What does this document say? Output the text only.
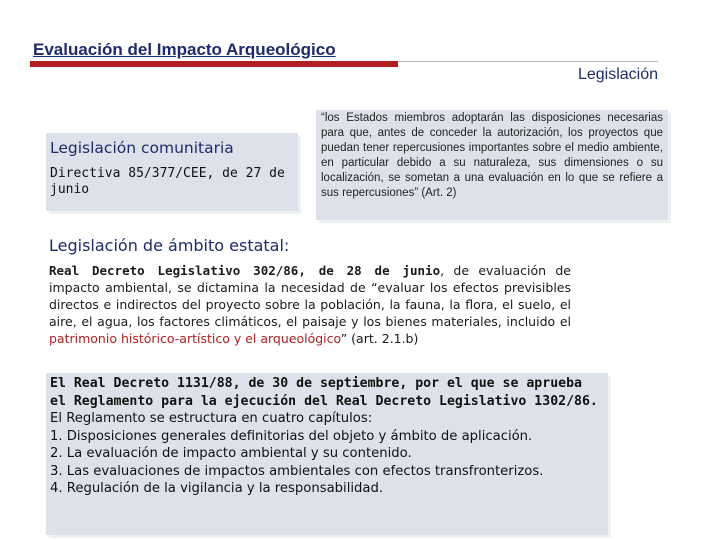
Evaluación del Impacto Arqueológico
Legislación
Legislación comunitaria
Directiva 85/377/CEE, de 27 de junio
“los Estados miembros adoptarán las disposiciones necesarias para que, antes de conceder la autorización, los proyectos que puedan tener repercusiones importantes sobre el medio ambiente, en particular debido a su naturaleza, sus dimensiones o su localización, se sometan a una evaluación en lo que se refiere a sus repercusiones” (Art. 2)
Legislación de ámbito estatal:
Real Decreto Legislativo 302/86, de 28 de junio, de evaluación de impacto ambiental, se dictamina la necesidad de “evaluar los efectos previsibles directos e indirectos del proyecto sobre la población, la fauna, la flora, el suelo, el aire, el agua, los factores climáticos, el paisaje y los bienes materiales, incluido el patrimonio histórico-artístico y el arqueológico” (art. 2.1.b)
El Real Decreto 1131/88, de 30 de septiembre, por el que se aprueba
el Reglamento para la ejecución del Real Decreto Legislativo 1302/86.
El Reglamento se estructura en cuatro capítulos:
1. Disposiciones generales definitorias del objeto y ámbito de aplicación.
2. La evaluación de impacto ambiental y su contenido.
3. Las evaluaciones de impactos ambientales con efectos transfronterizos.
4. Regulación de la vigilancia y la responsabilidad.
